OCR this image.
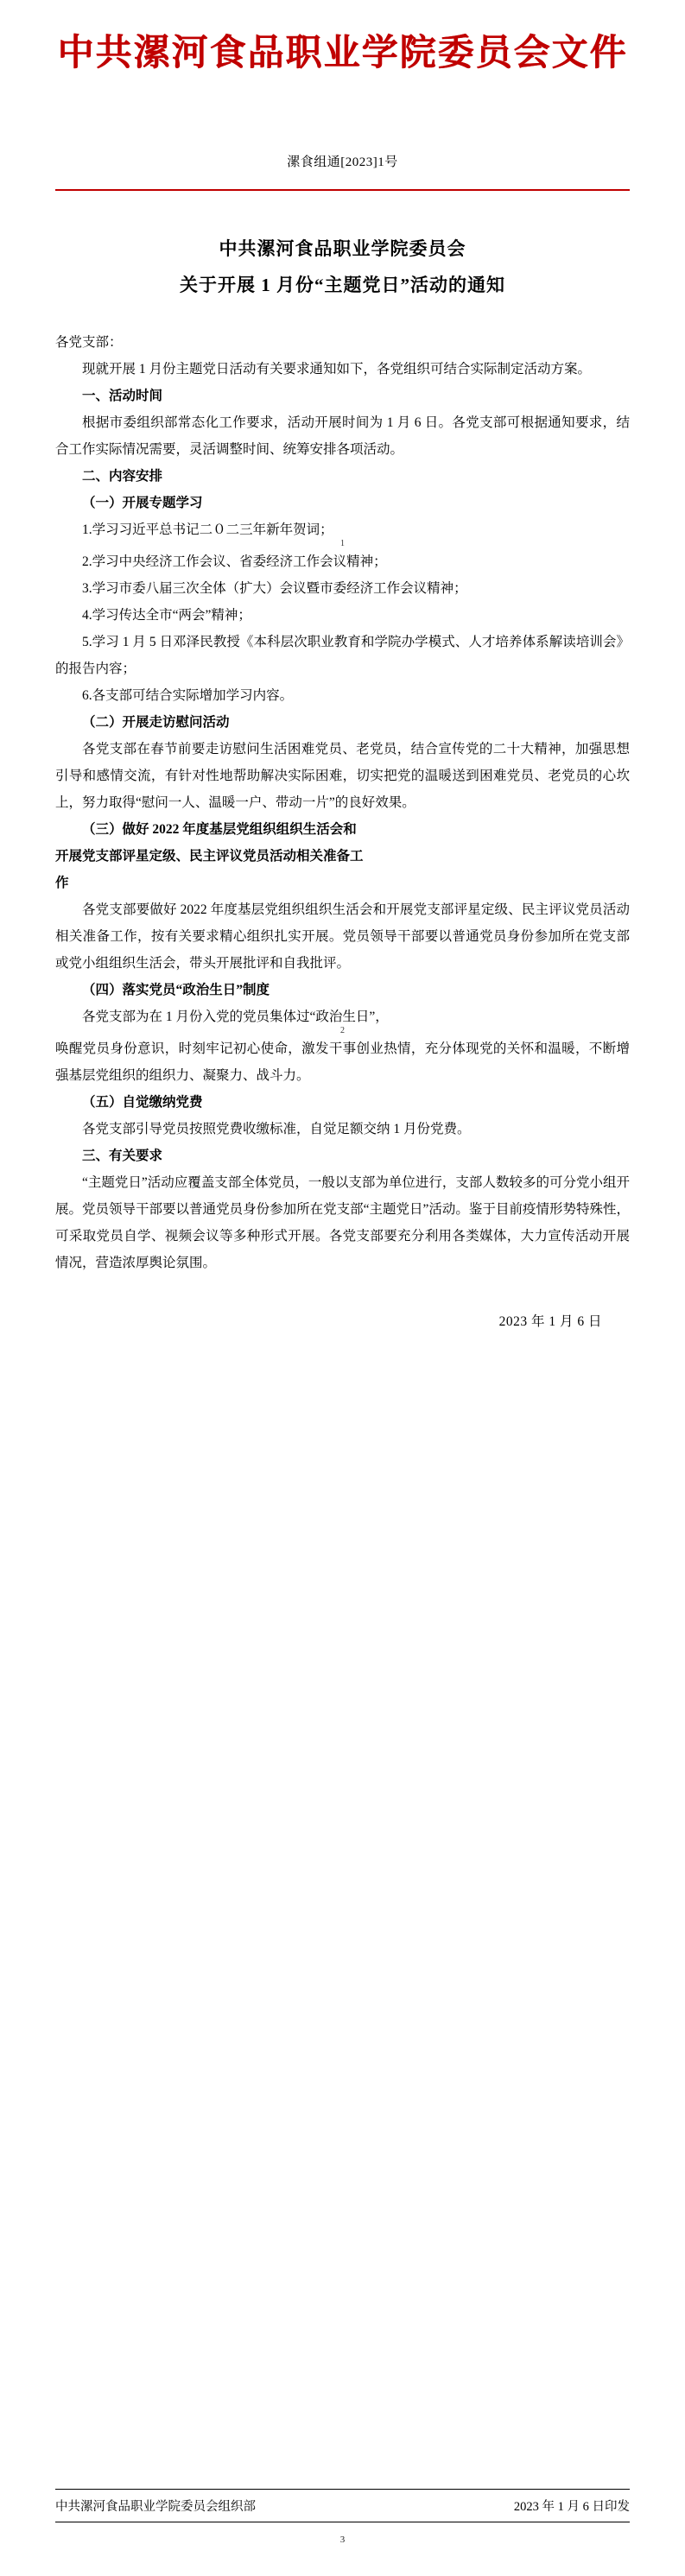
中共漯河食品职业学院委员会文件
漯食组通[2023]1号
中共漯河食品职业学院委员会
关于开展 1 月份“主题党日”活动的通知

各党支部：

现就开展 1 月份主题党日活动有关要求通知如下，各党组织可结合实际制定活动方案。

一、活动时间

根据市委组织部常态化工作要求，活动开展时间为 1 月 6 日。各党支部可根据通知要求，结合工作实际情况需要，灵活调整时间、统筹安排各项活动。

二、内容安排

（一）开展专题学习

1.学习习近平总书记二０二三年新年贺词；

1

2.学习中央经济工作会议、省委经济工作会议精神；

3.学习市委八届三次全体（扩大）会议暨市委经济工作会议精神；

4.学习传达全市“两会”精神；

5.学习 1 月 5 日邓泽民教授《本科层次职业教育和学院办学模式、人才培养体系解读培训会》的报告内容；

6.各支部可结合实际增加学习内容。

（二）开展走访慰问活动

各党支部在春节前要走访慰问生活困难党员、老党员，结合宣传党的二十大精神，加强思想引导和感情交流，有针对性地帮助解决实际困难，切实把党的温暖送到困难党员、老党员的心坎上，努力取得“慰问一人、温暖一户、带动一片”的良好效果。

（三）做好 2022 年度基层党组织组织生活会和

开展党支部评星定级、民主评议党员活动相关准备工

作

各党支部要做好 2022 年度基层党组织组织生活会和开展党支部评星定级、民主评议党员活动相关准备工作，按有关要求精心组织扎实开展。党员领导干部要以普通党员身份参加所在党支部或党小组组织生活会，带头开展批评和自我批评。

（四）落实党员“政治生日”制度

各党支部为在 1 月份入党的党员集体过“政治生日”，

2

唤醒党员身份意识，时刻牢记初心使命，激发干事创业热情，充分体现党的关怀和温暖，不断增强基层党组织的组织力、凝聚力、战斗力。

（五）自觉缴纳党费

各党支部引导党员按照党费收缴标准，自觉足额交纳 1 月份党费。

三、有关要求

“主题党日”活动应覆盖支部全体党员，一般以支部为单位进行，支部人数较多的可分党小组开展。党员领导干部要以普通党员身份参加所在党支部“主题党日”活动。鉴于目前疫情形势特殊性，可采取党员自学、视频会议等多种形式开展。各党支部要充分利用各类媒体，大力宣传活动开展情况，营造浓厚舆论氛围。

2023 年 1 月 6 日
中共漯河食品职业学院委员会组织部	2023 年 1 月 6 日印发
3
